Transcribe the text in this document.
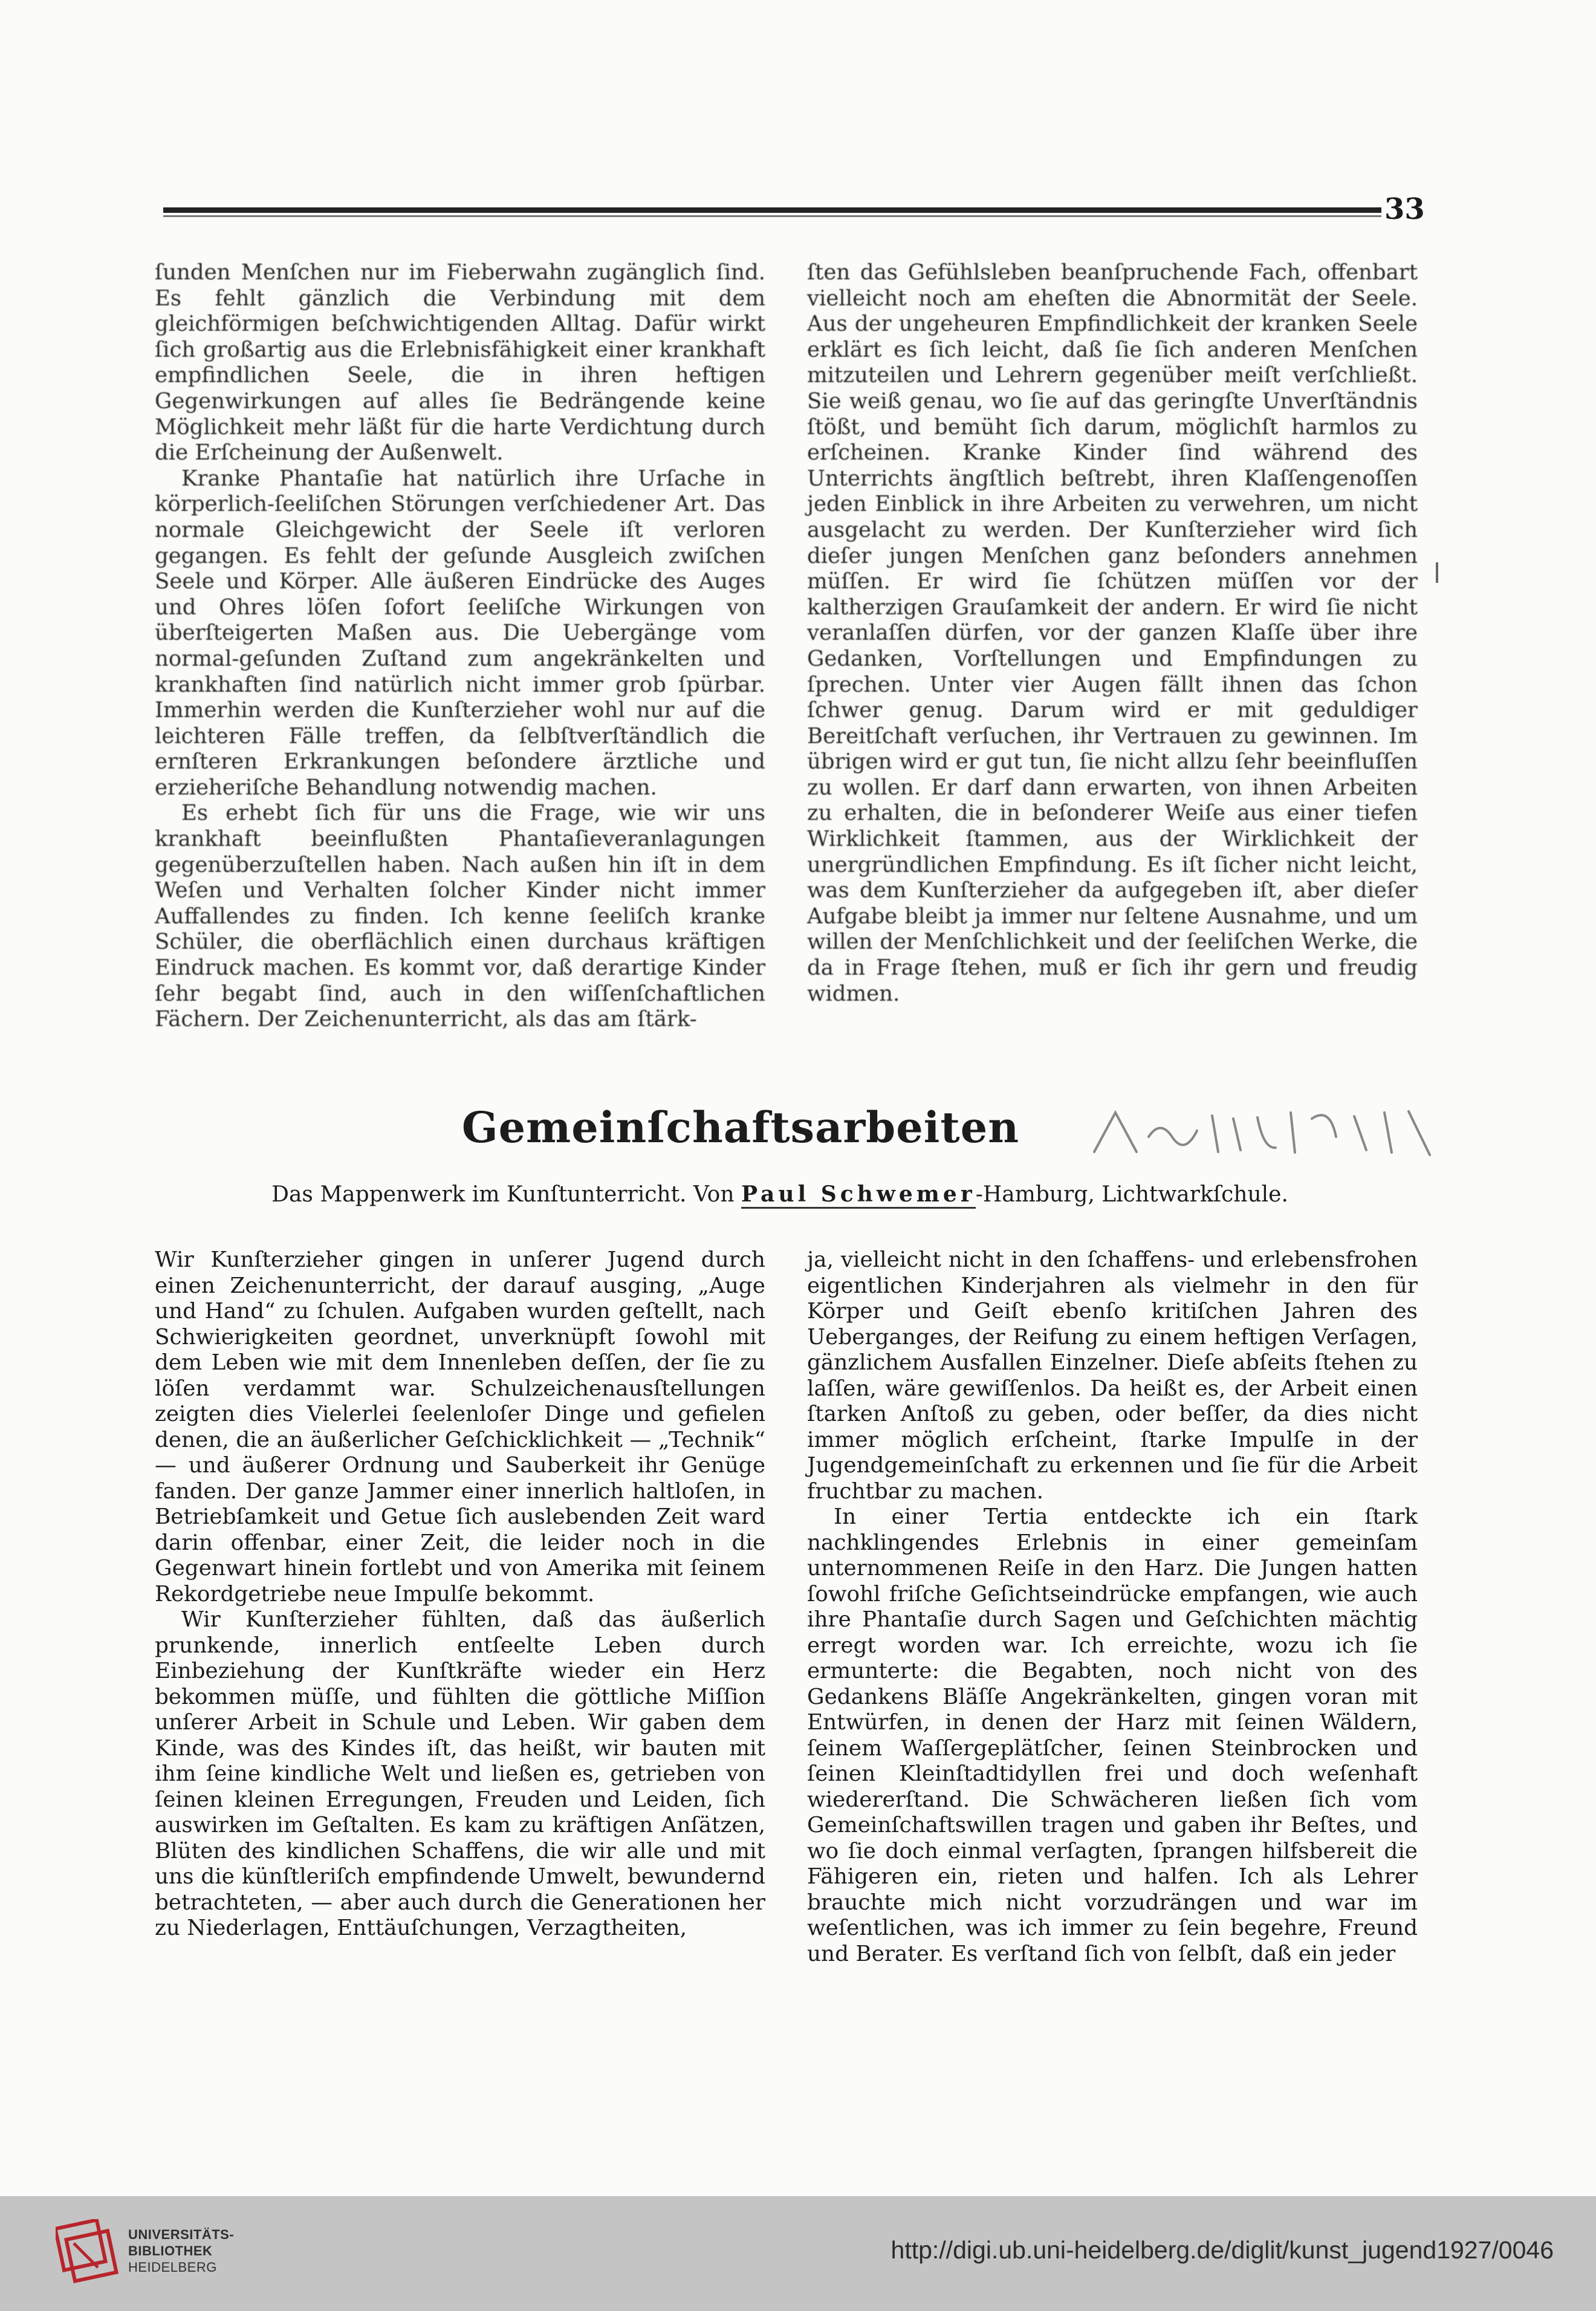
33

ſunden Menſchen nur im Fieberwahn zugänglich ſind. Es fehlt gänzlich die Verbindung mit dem gleichförmigen beſchwichtigenden Alltag. Dafür wirkt ſich großartig aus die Erlebnisfähigkeit einer krankhaft empfindlichen Seele, die in ihren heftigen Gegenwirkungen auf alles ſie Bedrängende keine Möglichkeit mehr läßt für die harte Verdichtung durch die Erſcheinung der Außenwelt.

Kranke Phantaſie hat natürlich ihre Urſache in körperlich-ſeeliſchen Störungen verſchiedener Art. Das normale Gleichgewicht der Seele iſt verloren gegangen. Es fehlt der geſunde Ausgleich zwiſchen Seele und Körper. Alle äußeren Eindrücke des Auges und Ohres löſen ſofort ſeeliſche Wirkungen von überſteigerten Maßen aus. Die Uebergänge vom normal-geſunden Zuſtand zum angekränkelten und krankhaften ſind natürlich nicht immer grob ſpürbar. Immerhin werden die Kunſterzieher wohl nur auf die leichteren Fälle treffen, da ſelbſtverſtändlich die ernſteren Erkrankungen beſondere ärztliche und erzieheriſche Behandlung notwendig machen.

Es erhebt ſich für uns die Frage, wie wir uns krankhaft beeinflußten Phantaſieveranlagungen gegenüberzuſtellen haben. Nach außen hin iſt in dem Weſen und Verhalten ſolcher Kinder nicht immer Auffallendes zu finden. Ich kenne ſeeliſch kranke Schüler, die oberflächlich einen durchaus kräftigen Eindruck machen. Es kommt vor, daß derartige Kinder ſehr begabt ſind, auch in den wiſſenſchaftlichen Fächern. Der Zeichenunterricht, als das am ſtärk-

ſten das Gefühlsleben beanſpruchende Fach, offenbart vielleicht noch am eheſten die Abnormität der Seele. Aus der ungeheuren Empfindlichkeit der kranken Seele erklärt es ſich leicht, daß ſie ſich anderen Menſchen mitzuteilen und Lehrern gegenüber meiſt verſchließt. Sie weiß genau, wo ſie auf das geringſte Unverſtändnis ſtößt, und bemüht ſich darum, möglichſt harmlos zu erſcheinen. Kranke Kinder ſind während des Unterrichts ängſtlich beſtrebt, ihren Klaſſengenoſſen jeden Einblick in ihre Arbeiten zu verwehren, um nicht ausgelacht zu werden. Der Kunſterzieher wird ſich dieſer jungen Menſchen ganz beſonders annehmen müſſen. Er wird ſie ſchützen müſſen vor der kaltherzigen Grauſamkeit der andern. Er wird ſie nicht veranlaſſen dürfen, vor der ganzen Klaſſe über ihre Gedanken, Vorſtellungen und Empfindungen zu ſprechen. Unter vier Augen fällt ihnen das ſchon ſchwer genug. Darum wird er mit geduldiger Bereitſchaft verſuchen, ihr Vertrauen zu gewinnen. Im übrigen wird er gut tun, ſie nicht allzu ſehr beeinfluſſen zu wollen. Er darf dann erwarten, von ihnen Arbeiten zu erhalten, die in beſonderer Weiſe aus einer tiefen Wirklichkeit ſtammen, aus der Wirklichkeit der unergründlichen Empfindung. Es iſt ſicher nicht leicht, was dem Kunſterzieher da aufgegeben iſt, aber dieſer Aufgabe bleibt ja immer nur ſeltene Ausnahme, und um willen der Menſchlichkeit und der ſeeliſchen Werke, die da in Frage ſtehen, muß er ſich ihr gern und freudig widmen.

Gemeinſchaftsarbeiten
Das Mappenwerk im Kunſtunterricht. Von Paul Schwemer-Hamburg, Lichtwarkſchule.

Wir Kunſterzieher gingen in unſerer Jugend durch einen Zeichenunterricht, der darauf ausging, „Auge und Hand“ zu ſchulen. Aufgaben wurden geſtellt, nach Schwierigkeiten geordnet, unverknüpft ſowohl mit dem Leben wie mit dem Innenleben deſſen, der ſie zu löſen verdammt war. Schulzeichenausſtellungen zeigten dies Vielerlei ſeelenloſer Dinge und gefielen denen, die an äußerlicher Geſchicklichkeit — „Technik“ — und äußerer Ordnung und Sauberkeit ihr Genüge fanden. Der ganze Jammer einer innerlich haltloſen, in Betriebſamkeit und Getue ſich auslebenden Zeit ward darin offenbar, einer Zeit, die leider noch in die Gegenwart hinein fortlebt und von Amerika mit ſeinem Rekordgetriebe neue Impulſe bekommt.

Wir Kunſterzieher fühlten, daß das äußerlich prunkende, innerlich entſeelte Leben durch Einbeziehung der Kunſtkräfte wieder ein Herz bekommen müſſe, und fühlten die göttliche Miſſion unſerer Arbeit in Schule und Leben. Wir gaben dem Kinde, was des Kindes iſt, das heißt, wir bauten mit ihm ſeine kindliche Welt und ließen es, getrieben von ſeinen kleinen Erregungen, Freuden und Leiden, ſich auswirken im Geſtalten. Es kam zu kräftigen Anſätzen, Blüten des kindlichen Schaffens, die wir alle und mit uns die künſtleriſch empfindende Umwelt, bewundernd betrachteten, — aber auch durch die Generationen her zu Niederlagen, Enttäuſchungen, Verzagtheiten,

ja, vielleicht nicht in den ſchaffens- und erlebensfrohen eigentlichen Kinderjahren als vielmehr in den für Körper und Geiſt ebenſo kritiſchen Jahren des Ueberganges, der Reifung zu einem heftigen Verſagen, gänzlichem Ausfallen Einzelner. Dieſe abſeits ſtehen zu laſſen, wäre gewiſſenlos. Da heißt es, der Arbeit einen ſtarken Anſtoß zu geben, oder beſſer, da dies nicht immer möglich erſcheint, ſtarke Impulſe in der Jugendgemeinſchaft zu erkennen und ſie für die Arbeit fruchtbar zu machen.

In einer Tertia entdeckte ich ein ſtark nachklingendes Erlebnis in einer gemeinſam unternommenen Reiſe in den Harz. Die Jungen hatten ſowohl friſche Geſichtseindrücke empfangen, wie auch ihre Phantaſie durch Sagen und Geſchichten mächtig erregt worden war. Ich erreichte, wozu ich ſie ermunterte: die Begabten, noch nicht von des Gedankens Bläſſe Angekränkelten, gingen voran mit Entwürfen, in denen der Harz mit ſeinen Wäldern, ſeinem Waſſergeplätſcher, ſeinen Steinbrocken und ſeinen Kleinſtadtidyllen frei und doch weſenhaft wiedererſtand. Die Schwächeren ließen ſich vom Gemeinſchaftswillen tragen und gaben ihr Beſtes, und wo ſie doch einmal verſagten, ſprangen hilfsbereit die Fähigeren ein, rieten und halfen. Ich als Lehrer brauchte mich nicht vorzudrängen und war im weſentlichen, was ich immer zu ſein begehre, Freund und Berater. Es verſtand ſich von ſelbſt, daß ein jeder

UNIVERSITÄTS-
BIBLIOTHEK
HEIDELBERG
http://digi.ub.uni-heidelberg.de/diglit/kunst_jugend1927/0046
